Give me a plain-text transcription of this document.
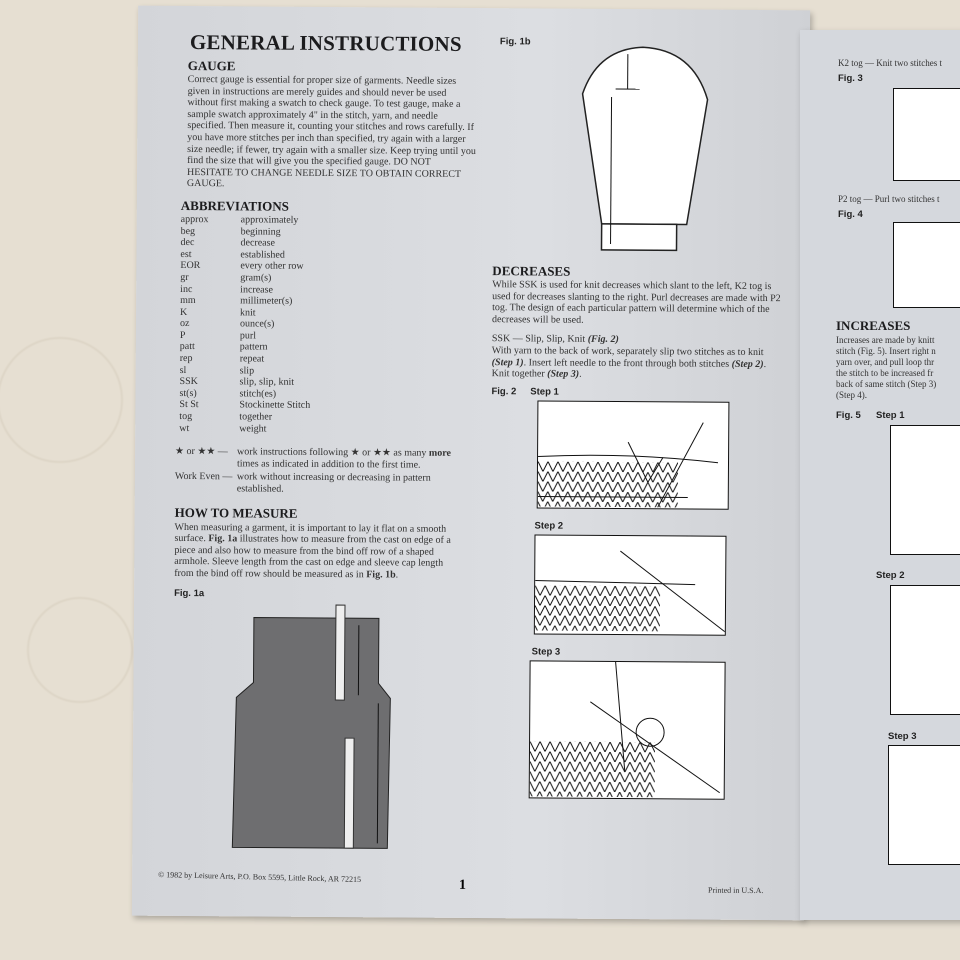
GENERAL INSTRUCTIONS
GAUGE

Correct gauge is essential for proper size of garments. Needle sizes given in instructions are merely guides and should never be used without first making a swatch to check gauge. To test gauge, make a sample swatch approximately 4" in the stitch, yarn, and needle specified. Then measure it, counting your stitches and rows carefully. If you have more stitches per inch than specified, try again with a larger size needle; if fewer, try again with a smaller size. Keep trying until you find the size that will give you the specified gauge. DO NOT HESITATE TO CHANGE NEEDLE SIZE TO OBTAIN CORRECT GAUGE.

ABBREVIATIONS
approx	approximately
beg	beginning
dec	decrease
est	established
EOR	every other row
gr	gram(s)
inc	increase
mm	millimeter(s)
K	knit
oz	ounce(s)
P	purl
patt	pattern
rep	repeat
sl	slip
SSK	slip, slip, knit
st(s)	stitch(es)
St St	Stockinette Stitch
tog	together
wt	weight
★ or ★★ — work instructions following ★ or ★★ as many more times as indicated in addition to the first time.
Work Even — work without increasing or decreasing in pattern established.
HOW TO MEASURE

When measuring a garment, it is important to lay it flat on a smooth surface. Fig. 1a illustrates how to measure from the cast on edge of a piece and also how to measure from the bind off row of a shaped armhole. Sleeve length from the cast on edge and sleeve cap length from the bind off row should be measured as in Fig. 1b.

Fig. 1a
Fig. 1b
DECREASES

While SSK is used for knit decreases which slant to the left, K2 tog is used for decreases slanting to the right. Purl decreases are made with P2 tog. The design of each particular pattern will determine which of the decreases will be used.

SSK — Slip, Slip, Knit (Fig. 2)

With yarn to the back of work, separately slip two stitches as to knit (Step 1). Insert left needle to the front through both stitches (Step 2). Knit together (Step 3).

Fig. 2 Step 1
Step 2
Step 3
© 1982 by Leisure Arts, P.O. Box 5595, Little Rock, AR 72215
1	Printed in U.S.A.
K2 tog — Knit two stitches t
Fig. 3
P2 tog — Purl two stitches t
Fig. 4
INCREASES
Increases are made by knitt
stitch (Fig. 5). Insert right n
yarn over, and pull loop thr
the stitch to be increased fr
back of same stitch (Step 3)
(Step 4).
Fig. 5 Step 1
Step 2
Step 3
